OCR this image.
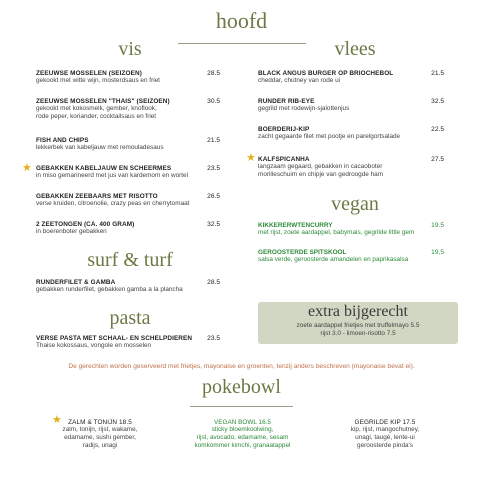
hoofd
vis
ZEEUWSE MOSSELEN (SEIZOEN)
gekookt met witte wijn, mosterdsaus en friet
28.5
ZEEUWSE MOSSELEN "THAIS" (SEIZOEN)
gekookt met kokosmelk, gember, knoflook,
rode peper, koriander, cocktailsaus en friet
30.5
FISH AND CHIPS
lekkerbek van kabeljauw met remouladesaus
21.5
★ GEBAKKEN KABELJAUW EN SCHEERMES
in miso gemarineerd met jus van kardemom en wortel
23.5
GEBAKKEN ZEEBAARS MET RISOTTO
verse kruiden, citroenolie, crazy peas en cherrytomaat
26.5
2 ZEETONGEN (CA. 400 GRAM)
in boerenboter gebakken
32.5
surf & turf
RUNDERFILET & GAMBA
gebakken runderfilet, gebakken gamba a la plancha
28.5
pasta
VERSE PASTA MET SCHAAL- EN SCHELPDIEREN
Thaise kokossaus, vongole en mosselen
23.5
vlees
BLACK ANGUS BURGER OP BRIOCHEBOL
cheddar, chutney van rode ui
21.5
RUNDER RIB-EYE
gegrild met rodewijn-sjalottenjus
32.5
BOERDERIJ-KIP
zacht gegaarde filet met pootje en parelgortsalade
22.5
★ KALFSPICANHA
langzaam gegaard, gebakken in cacaoboter
morilleschuim en chipje van gedroogde ham
27.5
vegan
KIKKERERWTENCURRY
met rijst, zoete aardappel, babymais, gegrilde little gem
19.5
GEROOSTERDE SPITSKOOL
salsa verde, geroosterde amandelen en paprikasalsa
19,5
extra bijgerecht
zoete aardappel frietjes met truffelmayo 5.5
rijst 3.0 - limoen-risotto 7.5
De gerechten worden geserveerd met frietjes, mayonaise en groenten, tenzij anders beschreven (mayonaise bevat ei).
pokebowl
★ ZALM & TONIJN 18.5
zalm, tonijn, rijst, wakame,
edamame, sushi gember,
radijs, unagi
VEGAN BOWL 16.5
sticky bloemkoolwing,
rijst, avocado, edamame, sesam
komkommer kimchi, granaatappel
GEGRILDE KIP 17.5
kip, rijst, mangochutney,
unagi, taugé, lente-ui
geroosterde pinda's
